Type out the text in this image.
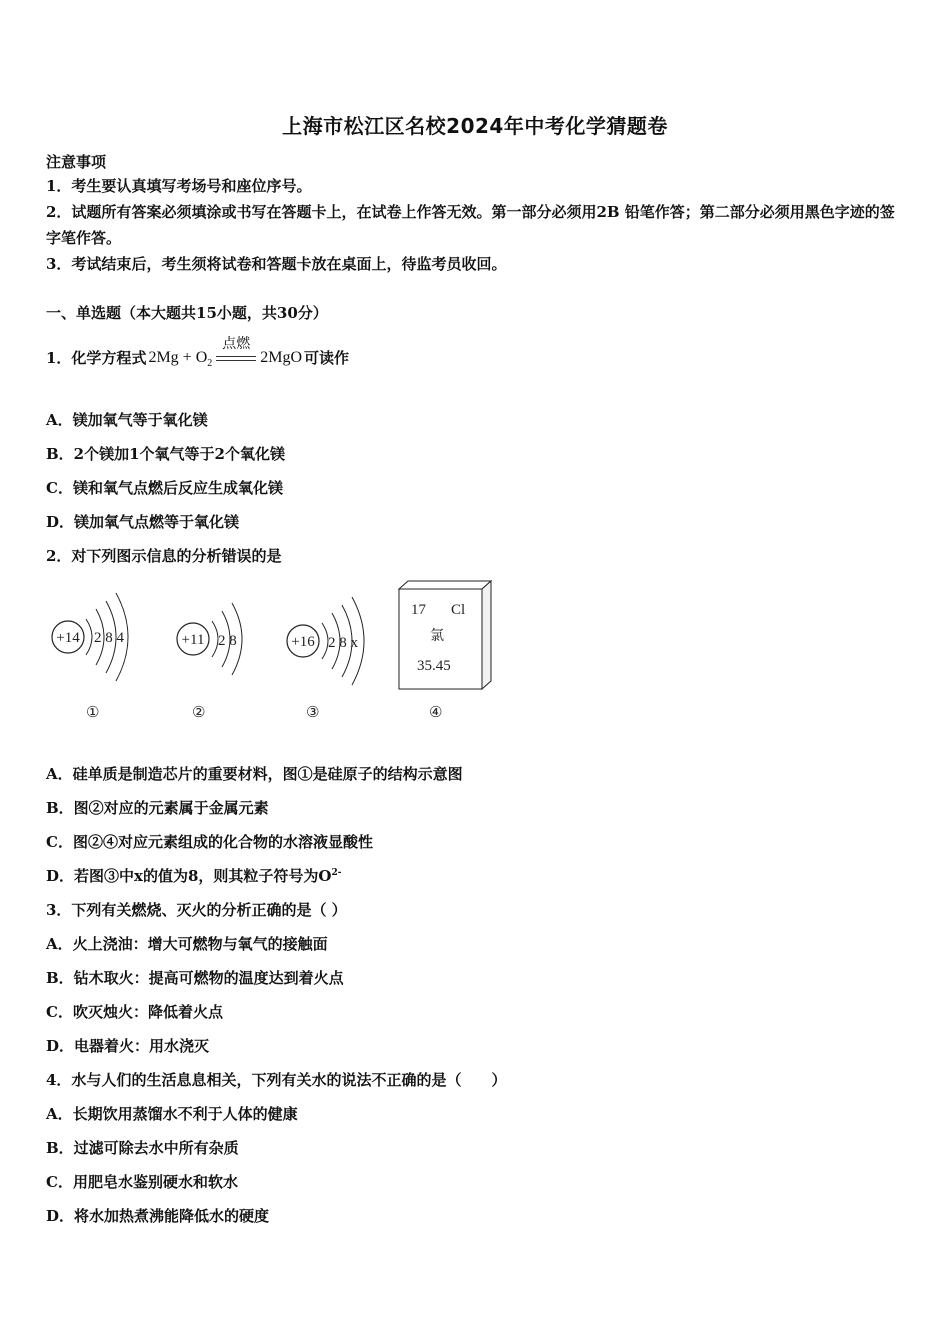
上海市松江区名校2024年中考化学猜题卷
注意事项
1．考生要认真填写考场号和座位序号。
2．试题所有答案必须填涂或书写在答题卡上，在试卷上作答无效。第一部分必须用2B 铅笔作答；第二部分必须用黑色字迹的签字笔作答。
3．考试结束后，考生须将试卷和答题卡放在桌面上，待监考员收回。
一、单选题（本大题共15小题，共30分）
1．化学方程式 $2Mg + O_2$
点燃
2MgO 可读作
A．镁加氧气等于氧化镁
B．2个镁加1个氧气等于2个氧化镁
C．镁和氧气点燃后反应生成氧化镁
D．镁加氧气点燃等于氧化镁
2．对下列图示信息的分析错误的是
+14 2 8 4	+11 2 8	+16 2 8 x
17 Cl
氯
35.45
①	②	③	④
A．硅单质是制造芯片的重要材料，图①是硅原子的结构示意图
B．图②对应的元素属于金属元素
C．图②④对应元素组成的化合物的水溶液显酸性
D．若图③中x的值为8，则其粒子符号为$O^{2-}$
3．下列有关燃烧、灭火的分析正确的是（ ）
A．火上浇油：增大可燃物与氧气的接触面
B．钻木取火：提高可燃物的温度达到着火点
C．吹灭烛火：降低着火点
D．电器着火：用水浇灭
4．水与人们的生活息息相关，下列有关水的说法不正确的是（　　）
A．长期饮用蒸馏水不利于人体的健康
B．过滤可除去水中所有杂质
C．用肥皂水鉴别硬水和软水
D．将水加热煮沸能降低水的硬度
